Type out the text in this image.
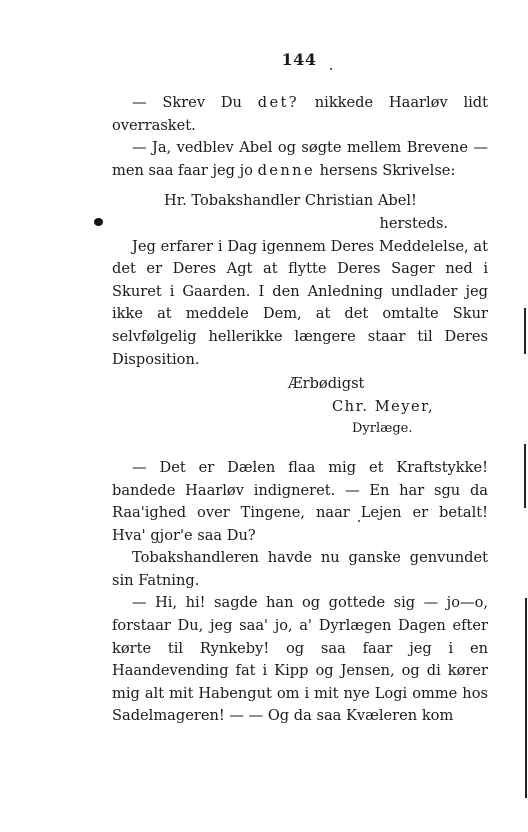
144

— Skrev Du det? nikkede Haarløv lidt overrasket.

— Ja, vedblev Abel og søgte mellem Brevene — men saa faar jeg jo denne hersens Skrivelse:

Hr. Tobakshandler Christian Abel!
hersteds.

Jeg erfarer i Dag igennem Deres Meddelelse, at det er Deres Agt at flytte Deres Sager ned i Skuret i Gaarden. I den Anledning undlader jeg ikke at meddele Dem, at det omtalte Skur selvfølgelig hellerikke længere staar til Deres Disposition.

Ærbødigst
Chr. Meyer,
Dyrlæge.

— Det er Dælen flaa mig et Kraftstykke! bandede Haarløv indigneret. — En har sgu da Raa'ighed over Tingene, naar Lejen er betalt! Hva' gjor'e saa Du?

Tobakshandleren havde nu ganske genvundet sin Fatning.

— Hi, hi! sagde han og gottede sig — jo—o, forstaar Du, jeg saa' jo, a' Dyrlægen Dagen efter kørte til Rynkeby! og saa faar jeg i en Haandevending fat i Kipp og Jensen, og di kører mig alt mit Habengut om i mit nye Logi omme hos Sadelmageren! — — Og da saa Kvæleren kom
